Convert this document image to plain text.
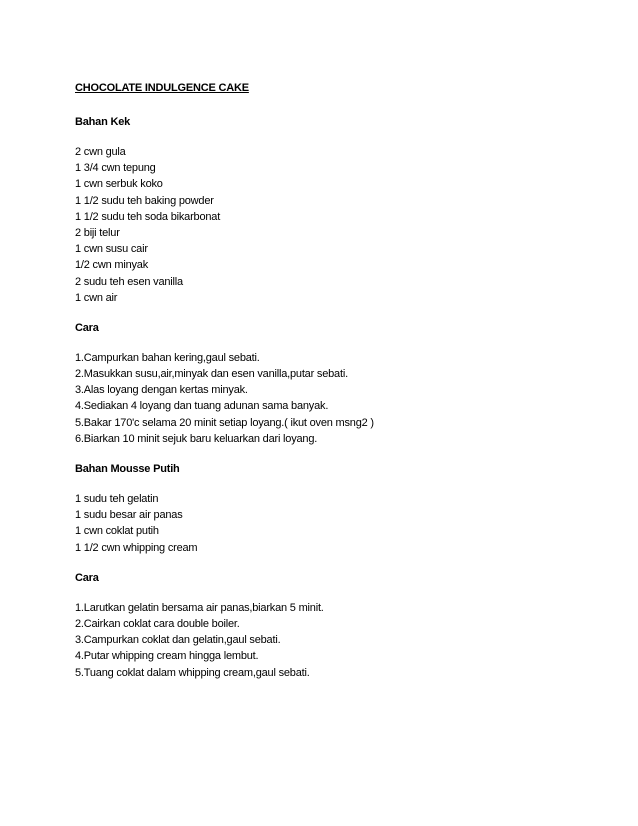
CHOCOLATE INDULGENCE CAKE
Bahan Kek
2 cwn gula
1 3/4 cwn tepung
1 cwn serbuk koko
1 1/2 sudu teh baking powder
1 1/2 sudu teh soda bikarbonat
2 biji telur
1 cwn susu cair
1/2 cwn minyak
2 sudu teh esen vanilla
1 cwn air
Cara
1.Campurkan bahan kering,gaul sebati.
2.Masukkan susu,air,minyak dan esen vanilla,putar sebati.
3.Alas loyang dengan kertas minyak.
4.Sediakan 4 loyang dan tuang adunan sama banyak.
5.Bakar 170'c selama 20 minit setiap loyang.( ikut oven msng2 )
6.Biarkan 10 minit sejuk baru keluarkan dari loyang.
Bahan Mousse Putih
1 sudu teh gelatin
1 sudu besar air panas
1 cwn coklat putih
1 1/2 cwn whipping cream
Cara
1.Larutkan gelatin bersama air panas,biarkan 5 minit.
2.Cairkan coklat cara double boiler.
3.Campurkan coklat dan gelatin,gaul sebati.
4.Putar whipping cream hingga lembut.
5.Tuang coklat dalam whipping cream,gaul sebati.
